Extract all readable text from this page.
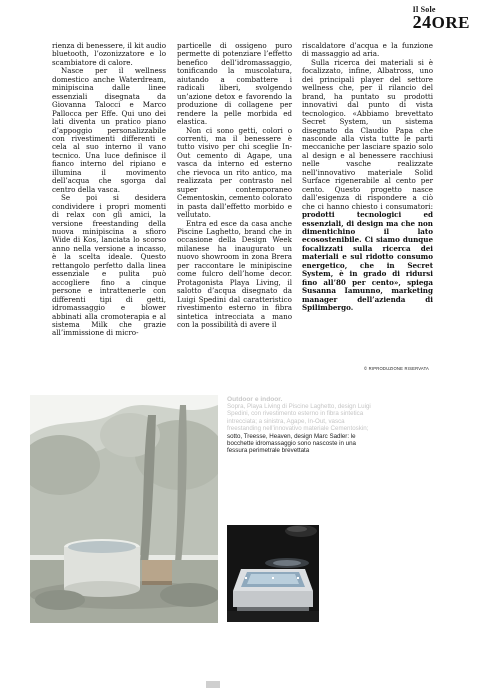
Il Sole
24ORE

rienza di benessere, il kit audio bluetooth, l’ozonizzatore e lo scambiatore di calore.

Nasce per il wellness domestico anche Waterdream, minipiscina dalle linee essenziali disegnata da Giovanna Talocci e Marco Pallocca per Effe. Qui uno dei lati diventa un pratico piano d’appoggio personalizzabile con rivestimenti differenti e cela al suo interno il vano tecnico. Una luce definisce il fianco interno del ripiano e illumina il movimento dell’acqua che sgorga dal centro della vasca.

Se poi si desidera condividere i propri momenti di relax con gli amici, la versione freestanding della nuova minipiscina a sfioro Wide di Kos, lanciata lo scorso anno nella versione a incasso, è la scelta ideale. Questo rettangolo perfetto dalla linea essenziale e pulita può accogliere fino a cinque persone e intrattenerle con differenti tipi di getti, idromassaggio e blower abbinati alla cromoterapia e al sistema Milk che grazie all’immissione di micro-

particelle di ossigeno puro permette di potenziare l’effetto benefico dell’idromassaggio, tonificando la muscolatura, aiutando a combattere i radicali liberi, svolgendo un’azione detox e favorendo la produzione di collagene per rendere la pelle morbida ed elastica.

Non ci sono getti, colori o correnti, ma il benessere è tutto visivo per chi sceglie In-Out cemento di Agape, una vasca da interno ed esterno che rievoca un rito antico, ma realizzata per contrasto nel super contemporaneo Cementoskin, cemento colorato in pasta dall’effetto morbido e vellutato.

Entra ed esce da casa anche Piscine Laghetto, brand che in occasione della Design Week milanese ha inaugurato un nuovo showroom in zona Brera per raccontare le minipiscine come fulcro dell’home decor. Protagonista Playa Living, il salotto d’acqua disegnato da Luigi Spedini dal caratteristico rivestimento esterno in fibra sintetica intrecciata a mano con la possibilità di avere il

riscaldatore d’acqua e la funzione di massaggio ad aria.

Sulla ricerca dei materiali si è focalizzato, infine, Albatross, uno dei principali player del settore wellness che, per il rilancio del brand, ha puntato su prodotti innovativi dal punto di vista tecnologico. «Abbiamo brevettato Secret System, un sistema disegnato da Claudio Papa che nasconde alla vista tutte le parti meccaniche per lasciare spazio solo al design e al benessere racchiusi nelle vasche realizzate nell’innovativo materiale Solid Surface rigenerabile al cento per cento. Questo progetto nasce dall’esigenza di rispondere a ciò che ci hanno chiesto i consumatori: prodotti tecnologici ed essenziali, di design ma che non dimentichino il lato ecosostenibile. Ci siamo dunque focalizzati sulla ricerca dei materiali e sul ridotto consumo energetico, che in Secret System, è in grado di ridursi fino all’80 per cento», spiega Susanna Iamunno, marketing manager dell’azienda di Spilimbergo.

© RIPRODUZIONE RISERVATA
Outdoor e indoor.
Sopra, Playa Living di Piscine Laghetto, design Luigi Spedini, con rivestimento esterno in fibra sintetica intrecciata; a sinistra, Agape, In-Out, vasca freestanding nell’innovativo materiale Cementoskin;
sotto, Treesse, Heaven, design Marc Sadler: le bocchette idromassaggio sono nascoste in una fessura perimetrale brevettata
